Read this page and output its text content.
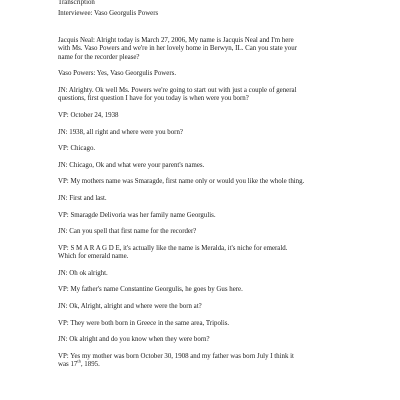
Transcription
Interviewee: Vaso Georgulis Powers
Jacquis Neal: Alright today is March 27, 2006, My name is Jacquis Neal and I'm here
with Ms. Vaso Powers and we're in her lovely home in Berwyn, IL. Can you state your
name for the recorder please?
Vaso Powers: Yes, Vaso Georgulis Powers.
JN: Alrighty. Ok well Ms. Powers we're going to start out with just a couple of general
questions, first question I have for you today is when were you born?
VP: October 24, 1938
JN: 1938, all right and where were you born?
VP: Chicago.
JN: Chicago, Ok and what were your parent's names.
VP: My mothers name was Smaragde, first name only or would you like the whole thing.
JN: First and last.
VP: Smaragde Delivoria was her family name Georgulis.
JN: Can you spell that first name for the recorder?
VP: S M A R A G D E, it's actually like the name is Meralda, it's niche for emerald.
Which for emerald name.
JN: Oh ok alright.
VP: My father's name Constantine Georgulis, he goes by Gus here.
JN: Ok, Alright, alright and where were the born at?
VP: They were both born in Greece in the same area, Tripolis.
JN: Ok alright and do you know when they were born?
VP: Yes my mother was born October 30, 1908 and my father was born July I think it
was 17th, 1895.
